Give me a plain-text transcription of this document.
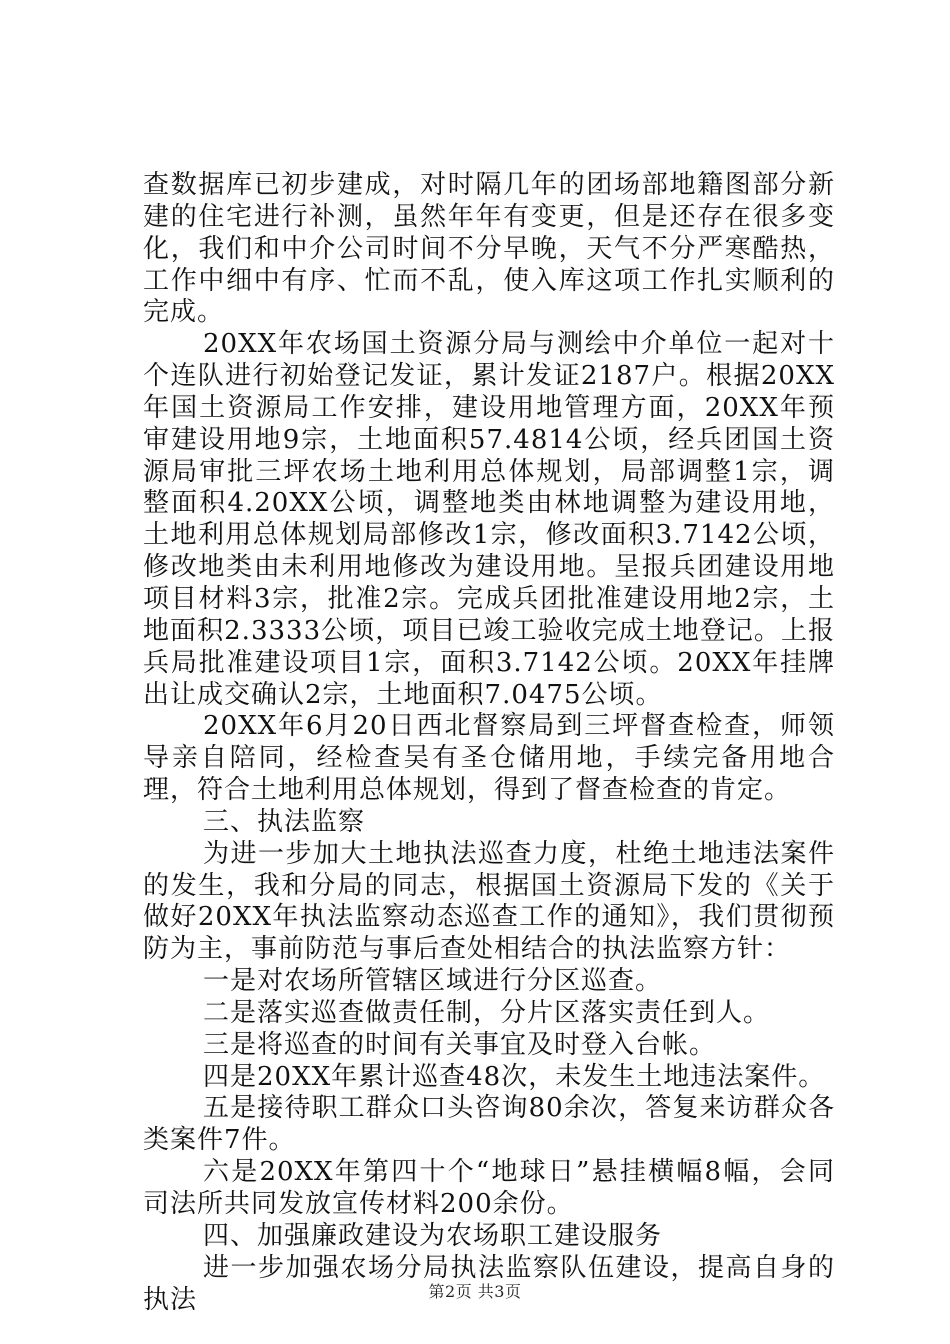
查数据库已初步建成，对时隔几年的团场部地籍图部分新建的住宅进行补测，虽然年年有变更，但是还存在很多变化，我们和中介公司时间不分早晚，天气不分严寒酷热，工作中细中有序、忙而不乱，使入库这项工作扎实顺利的完成。

20XX年农场国土资源分局与测绘中介单位一起对十个连队进行初始登记发证，累计发证2187户。根据20XX年国土资源局工作安排，建设用地管理方面，20XX年预审建设用地9宗，土地面积57.4814公顷，经兵团国土资源局审批三坪农场土地利用总体规划，局部调整1宗，调整面积4.20XX公顷，调整地类由林地调整为建设用地，土地利用总体规划局部修改1宗，修改面积3.7142公顷，修改地类由未利用地修改为建设用地。呈报兵团建设用地项目材料3宗，批准2宗。完成兵团批准建设用地2宗，土地面积2.3333公顷，项目已竣工验收完成土地登记。上报兵局批准建设项目1宗，面积3.7142公顷。20XX年挂牌出让成交确认2宗，土地面积7.0475公顷。

20XX年6月20日西北督察局到三坪督查检查，师领导亲自陪同，经检查吴有圣仓储用地，手续完备用地合理，符合土地利用总体规划，得到了督查检查的肯定。

三、执法监察

为进一步加大土地执法巡查力度，杜绝土地违法案件的发生，我和分局的同志，根据国土资源局下发的《关于做好20XX年执法监察动态巡查工作的通知》，我们贯彻预防为主，事前防范与事后查处相结合的执法监察方针：

一是对农场所管辖区域进行分区巡查。

二是落实巡查做责任制，分片区落实责任到人。

三是将巡查的时间有关事宜及时登入台帐。

四是20XX年累计巡查48次，未发生土地违法案件。

五是接待职工群众口头咨询80余次，答复来访群众各类案件7件。

六是20XX年第四十个“地球日”悬挂横幅8幅，会同司法所共同发放宣传材料200余份。

四、加强廉政建设为农场职工建设服务

进一步加强农场分局执法监察队伍建设，提高自身的执法	第2页 共3页
